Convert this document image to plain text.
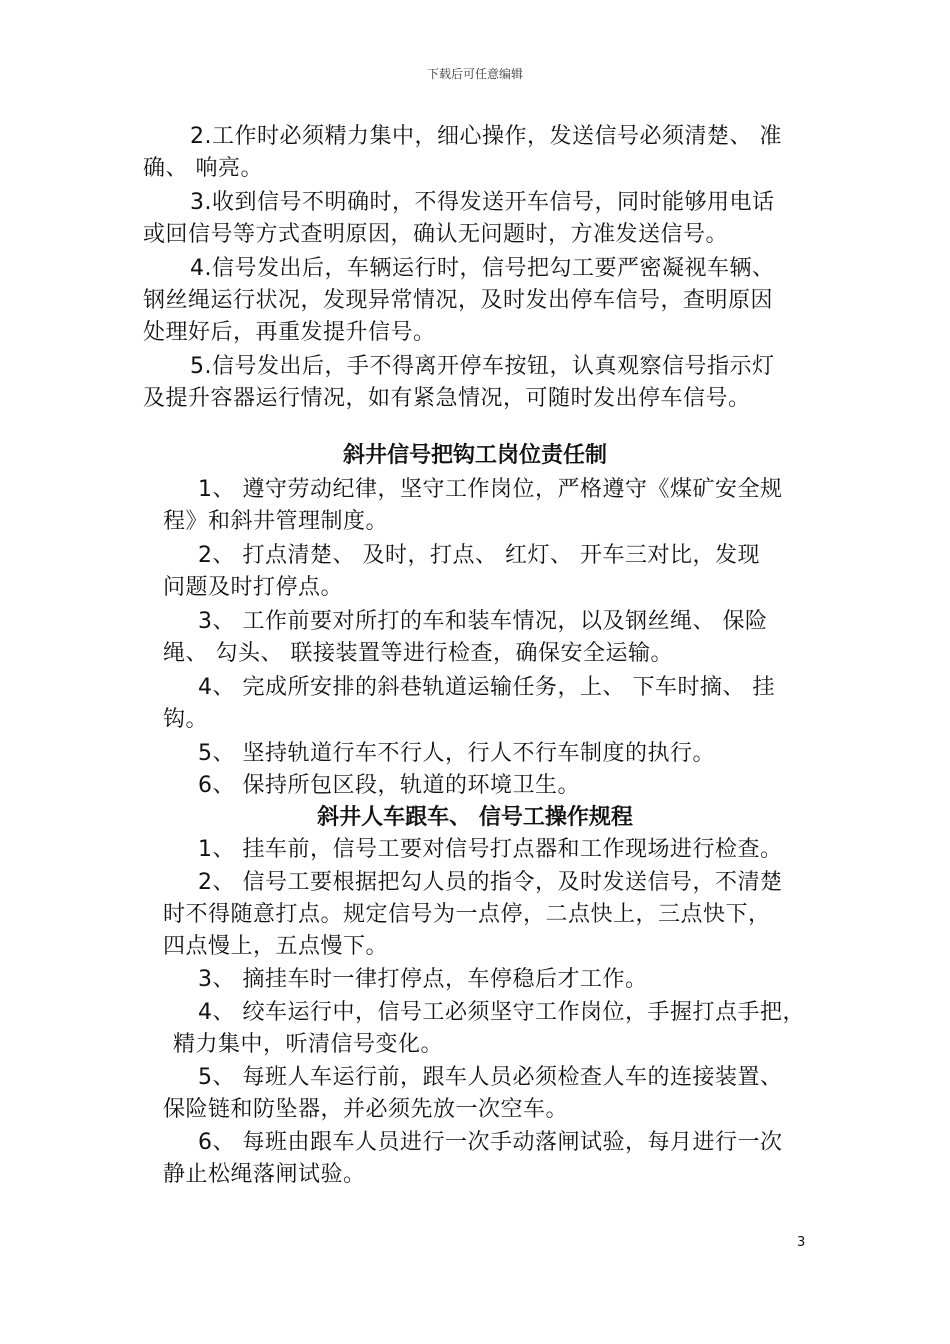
下载后可任意编辑
2.工作时必须精力集中，细心操作，发送信号必须清楚、 准
确、 响亮。
3.收到信号不明确时，不得发送开车信号，同时能够用电话
或回信号等方式查明原因，确认无问题时，方准发送信号。
4.信号发出后，车辆运行时，信号把勾工要严密凝视车辆、
钢丝绳运行状况，发现异常情况，及时发出停车信号，查明原因
处理好后，再重发提升信号。
5.信号发出后，手不得离开停车按钮，认真观察信号指示灯
及提升容器运行情况，如有紧急情况，可随时发出停车信号。
斜井信号把钩工岗位责任制
1、 遵守劳动纪律，坚守工作岗位，严格遵守《煤矿安全规
程》和斜井管理制度。
2、 打点清楚、 及时，打点、 红灯、 开车三对比，发现
问题及时打停点。
3、 工作前要对所打的车和装车情况，以及钢丝绳、 保险
绳、 勾头、 联接装置等进行检查，确保安全运输。
4、 完成所安排的斜巷轨道运输任务，上、 下车时摘、 挂
钩。
5、 坚持轨道行车不行人，行人不行车制度的执行。
6、 保持所包区段，轨道的环境卫生。
斜井人车跟车、 信号工操作规程
1、 挂车前，信号工要对信号打点器和工作现场进行检查。
2、 信号工要根据把勾人员的指令，及时发送信号，不清楚
时不得随意打点。规定信号为一点停，二点快上，三点快下，
四点慢上，五点慢下。
3、 摘挂车时一律打停点，车停稳后才工作。
4、 绞车运行中，信号工必须坚守工作岗位，手握打点手把，
精力集中，听清信号变化。
5、 每班人车运行前，跟车人员必须检查人车的连接装置、
保险链和防坠器，并必须先放一次空车。
6、 每班由跟车人员进行一次手动落闸试验，每月进行一次
静止松绳落闸试验。
3
